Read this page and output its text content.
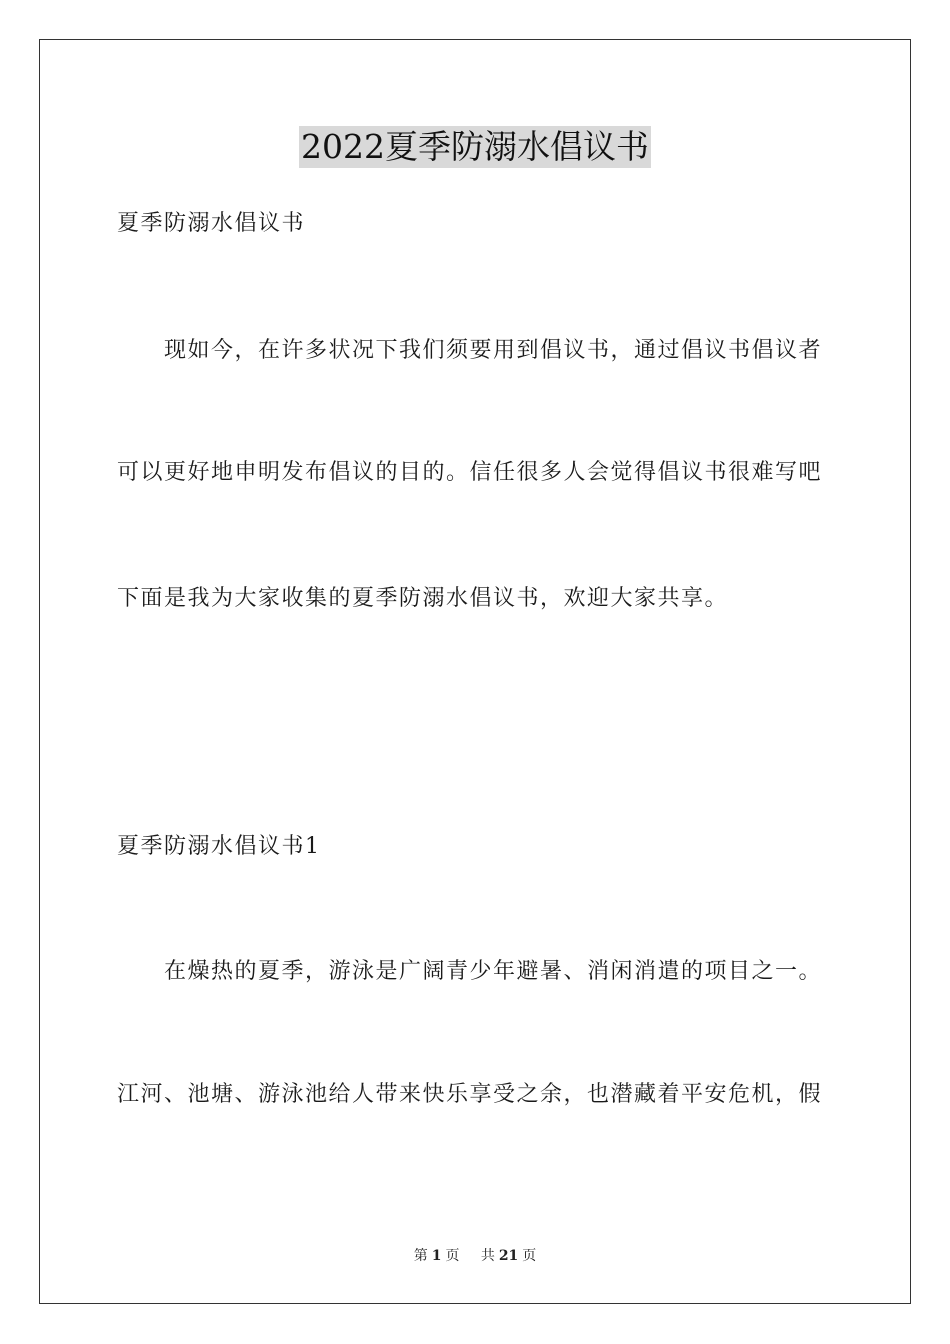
2022夏季防溺水倡议书
夏季防溺水倡议书
现如今，在许多状况下我们须要用到倡议书，通过倡议书倡议者
可以更好地申明发布倡议的目的。信任很多人会觉得倡议书很难写吧
下面是我为大家收集的夏季防溺水倡议书，欢迎大家共享。
夏季防溺水倡议书1
在燥热的夏季，游泳是广阔青少年避暑、消闲消遣的项目之一。
江河、池塘、游泳池给人带来快乐享受之余，也潜藏着平安危机，假
第 1 页 共 21 页
